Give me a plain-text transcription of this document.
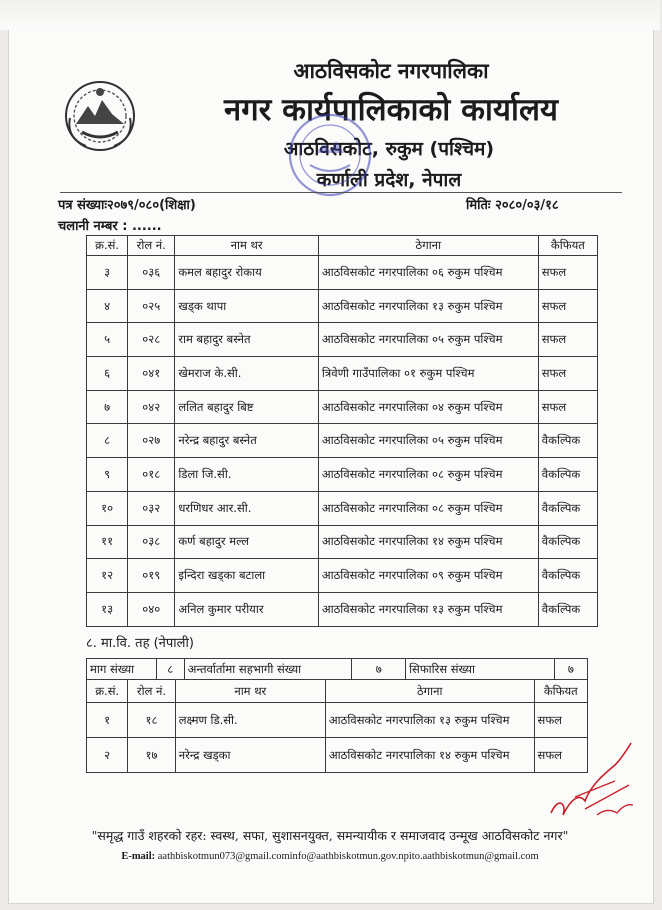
आठविसकोट नगरपालिका
नगर कार्यपालिकाको कार्यालय
आठविसकोट, रुकुम (पश्चिम)
कर्णाली प्रदेश, नेपाल
पत्र संख्याः२०७९/०८०(शिक्षा)	मितिः २०८०/०३/१८
चलानी नम्बर : ......
क्र.सं.	रोल नं.	नाम थर	ठेगाना	कैफियत
३	०३६	कमल बहादुर रोकाय	आठविसकोट नगरपालिका ०६ रुकुम पश्चिम	सफल
४	०२५	खड्क थापा	आठविसकोट नगरपालिका १३ रुकुम पश्चिम	सफल
५	०२८	राम बहादुर बस्नेत	आठविसकोट नगरपालिका ०५ रुकुम पश्चिम	सफल
६	०४१	खेमराज के.सी.	त्रिवेणी गाउँपालिका ०१ रुकुम पश्चिम	सफल
७	०४२	ललित बहादुर बिष्ट	आठविसकोट नगरपालिका ०४ रुकुम पश्चिम	सफल
८	०२७	नरेन्द्र बहादुर बस्नेत	आठविसकोट नगरपालिका ०५ रुकुम पश्चिम	वैकल्पिक
९	०१८	डिला जि.सी.	आठविसकोट नगरपालिका ०८ रुकुम पश्चिम	वैकल्पिक
१०	०३२	धरणिधर आर.सी.	आठविसकोट नगरपालिका ०८ रुकुम पश्चिम	वैकल्पिक
११	०३८	कर्ण बहादुर मल्ल	आठविसकोट नगरपालिका १४ रुकुम पश्चिम	वैकल्पिक
१२	०१९	इन्दिरा खड्का बटाला	आठविसकोट नगरपालिका ०९ रुकुम पश्चिम	वैकल्पिक
१३	०४०	अनिल कुमार परीयार	आठविसकोट नगरपालिका १३ रुकुम पश्चिम	वैकल्पिक
८. मा.वि. तह (नेपाली)
माग संख्या	८	अन्तर्वार्तामा सहभागी संख्या	७	सिफारिस संख्या	७
क्र.सं.	रोल नं.	नाम थर	ठेगाना	कैफियत
१	१८	लक्ष्मण डि.सी.	आठविसकोट नगरपालिका १३ रुकुम पश्चिम	सफल
२	१७	नरेन्द्र खड्का	आठविसकोट नगरपालिका १४ रुकुम पश्चिम	सफल
"समृद्ध गाउँ शहरको रहर: स्वस्थ, सफा, सुशासनयुक्त, समन्यायीक र समाजवाद उन्मूख आठविसकोट नगर"
E-mail: aathbiskotmun073@gmail.cominfo@aathbiskotmun.gov.npito.aathbiskotmun@gmail.com
